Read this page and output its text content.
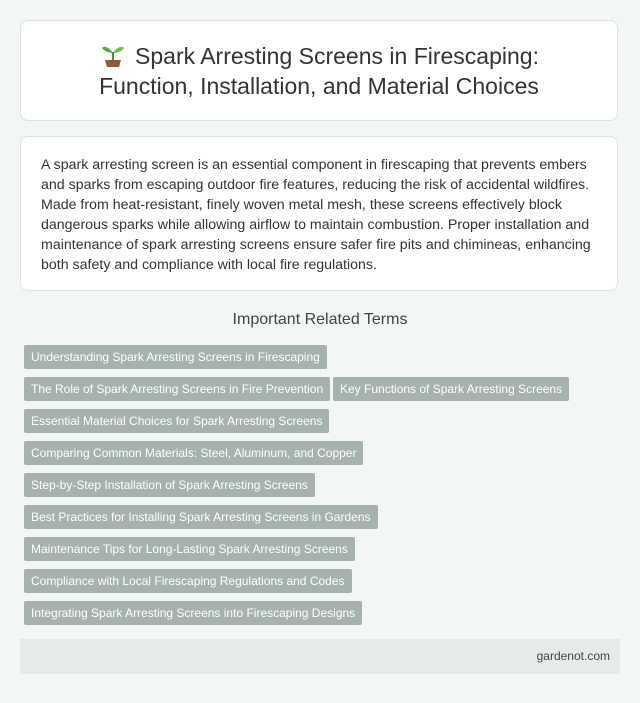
Spark Arresting Screens in Firescaping: Function, Installation, and Material Choices

A spark arresting screen is an essential component in firescaping that prevents embers and sparks from escaping outdoor fire features, reducing the risk of accidental wildfires. Made from heat-resistant, finely woven metal mesh, these screens effectively block dangerous sparks while allowing airflow to maintain combustion. Proper installation and maintenance of spark arresting screens ensure safer fire pits and chimineas, enhancing both safety and compliance with local fire regulations.

Important Related Terms
Understanding Spark Arresting Screens in Firescaping
The Role of Spark Arresting Screens in Fire Prevention	Key Functions of Spark Arresting Screens
Essential Material Choices for Spark Arresting Screens
Comparing Common Materials: Steel, Aluminum, and Copper
Step-by-Step Installation of Spark Arresting Screens
Best Practices for Installing Spark Arresting Screens in Gardens
Maintenance Tips for Long-Lasting Spark Arresting Screens
Compliance with Local Firescaping Regulations and Codes
Integrating Spark Arresting Screens into Firescaping Designs
gardenot.com
